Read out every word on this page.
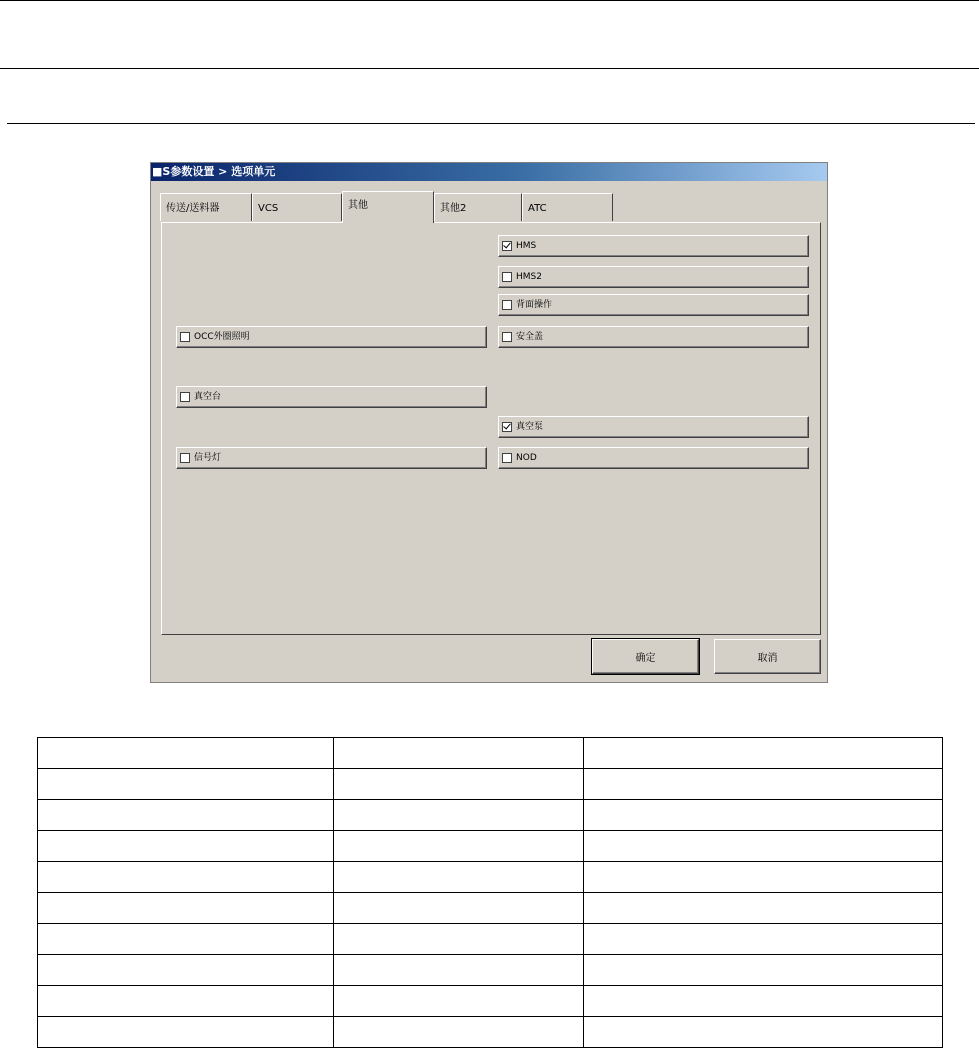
■S参数设置 > 选项单元
传送/送料器	VCS	其他	其他2	ATC
HMS
HMS2
背面操作
OCC外圈照明	安全盖
真空台
真空泵
信号灯	NOD
确定	取消
